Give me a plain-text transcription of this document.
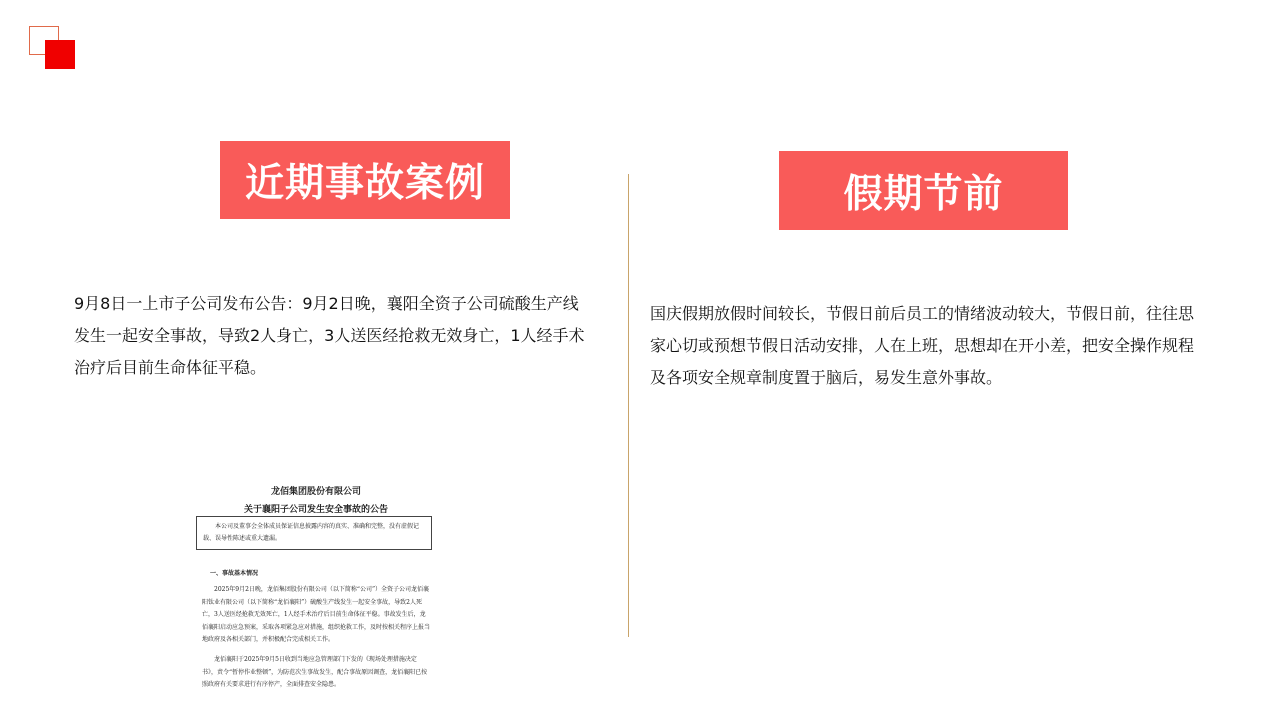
近期事故案例	假期节前
9月8日一上市子公司发布公告：9月2日晚，襄阳全资子公司硫酸生产线发生一起安全事故，导致2人身亡，3人送医经抢救无效身亡，1人经手术治疗后目前生命体征平稳。
国庆假期放假时间较长，节假日前后员工的情绪波动较大，节假日前，往往思家心切或预想节假日活动安排，人在上班，思想却在开小差，把安全操作规程及各项安全规章制度置于脑后，易发生意外事故。
龙佰集团股份有限公司
关于襄阳子公司发生安全事故的公告
本公司及董事会全体成员保证信息披露内容的真实、准确和完整，没有虚假记载、误导性陈述或重大遗漏。
一、事故基本情况
2025年9月2日晚，龙佰集团股份有限公司（以下简称“公司”）全资子公司龙佰襄阳钛业有限公司（以下简称“龙佰襄阳”）硫酸生产线发生一起安全事故，导致2人死亡，3人送医经抢救无效死亡，1人经手术治疗后目前生命体征平稳。事故发生后，龙佰襄阳启动应急预案，采取各项紧急应对措施，组织抢救工作，及时按相关程序上报当地政府及各相关部门，并积极配合完成相关工作。
龙佰襄阳于2025年9月5日收到当地应急管理部门下发的《现场处理措施决定书》，责令“暂停作业整顿”，为防范次生事故发生，配合事故原因调查，龙佰襄阳已按照政府有关要求进行有序停产，全面排查安全隐患。
